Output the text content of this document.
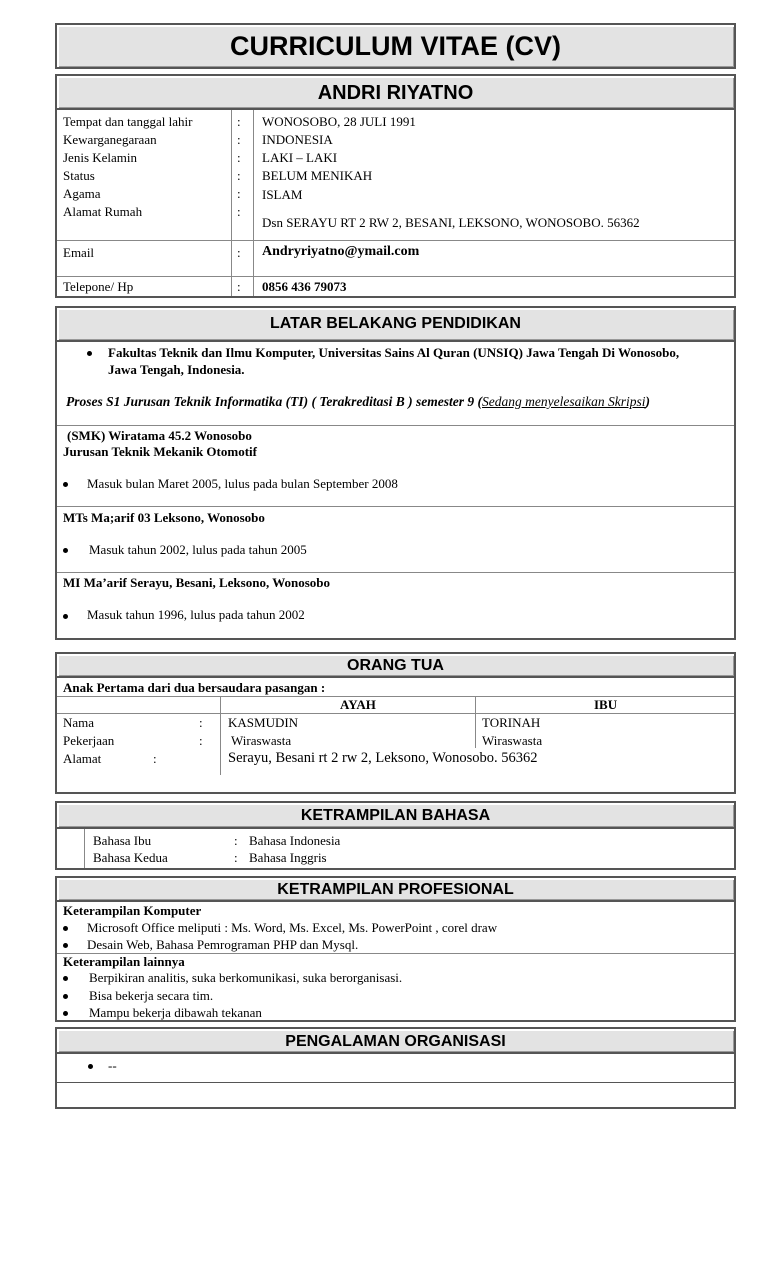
CURRICULUM VITAE (CV)
ANDRI RIYATNO
Tempat dan tanggal lahir	: WONOSOBO, 28 JULI 1991
Kewarganegaraan	: INDONESIA
Jenis Kelamin	: LAKI – LAKI
Status	: BELUM MENIKAH
Agama	: ISLAM
Alamat Rumah	:
Dsn SERAYU RT 2 RW 2, BESANI, LEKSONO, WONOSOBO. 56362
Email	: Andryriyatno@ymail.com
Telepone/ Hp	: 0856 436 79073
LATAR BELAKANG PENDIDIKAN
Fakultas Teknik dan Ilmu Komputer, Universitas Sains Al Quran (UNSIQ) Jawa Tengah Di Wonosobo,
Jawa Tengah, Indonesia.
Proses S1 Jurusan Teknik Informatika (TI) ( Terakreditasi B ) semester 9 (Sedang menyelesaikan Skripsi)
(SMK) Wiratama 45.2 Wonosobo
Jurusan Teknik Mekanik Otomotif
Masuk bulan Maret 2005, lulus pada bulan September 2008
MTs Ma;arif 03 Leksono, Wonosobo
Masuk tahun 2002, lulus pada tahun 2005
MI Ma’arif Serayu, Besani, Leksono, Wonosobo
Masuk tahun 1996, lulus pada tahun 2002
ORANG TUA
Anak Pertama dari dua bersaudara pasangan :
AYAH	IBU
Nama	: KASMUDIN	TORINAH
Pekerjaan	: Wiraswasta	Wiraswasta
Alamat	:	Serayu, Besani rt 2 rw 2, Leksono, Wonosobo. 56362
KETRAMPILAN BAHASA
Bahasa Ibu	: Bahasa Indonesia
Bahasa Kedua	: Bahasa Inggris
KETRAMPILAN PROFESIONAL
Keterampilan Komputer
Microsoft Office meliputi : Ms. Word, Ms. Excel, Ms. PowerPoint , corel draw
Desain Web, Bahasa Pemrograman PHP dan Mysql.
Keterampilan lainnya
Berpikiran analitis, suka berkomunikasi, suka berorganisasi.
Bisa bekerja secara tim.
Mampu bekerja dibawah tekanan
PENGALAMAN ORGANISASI
--
